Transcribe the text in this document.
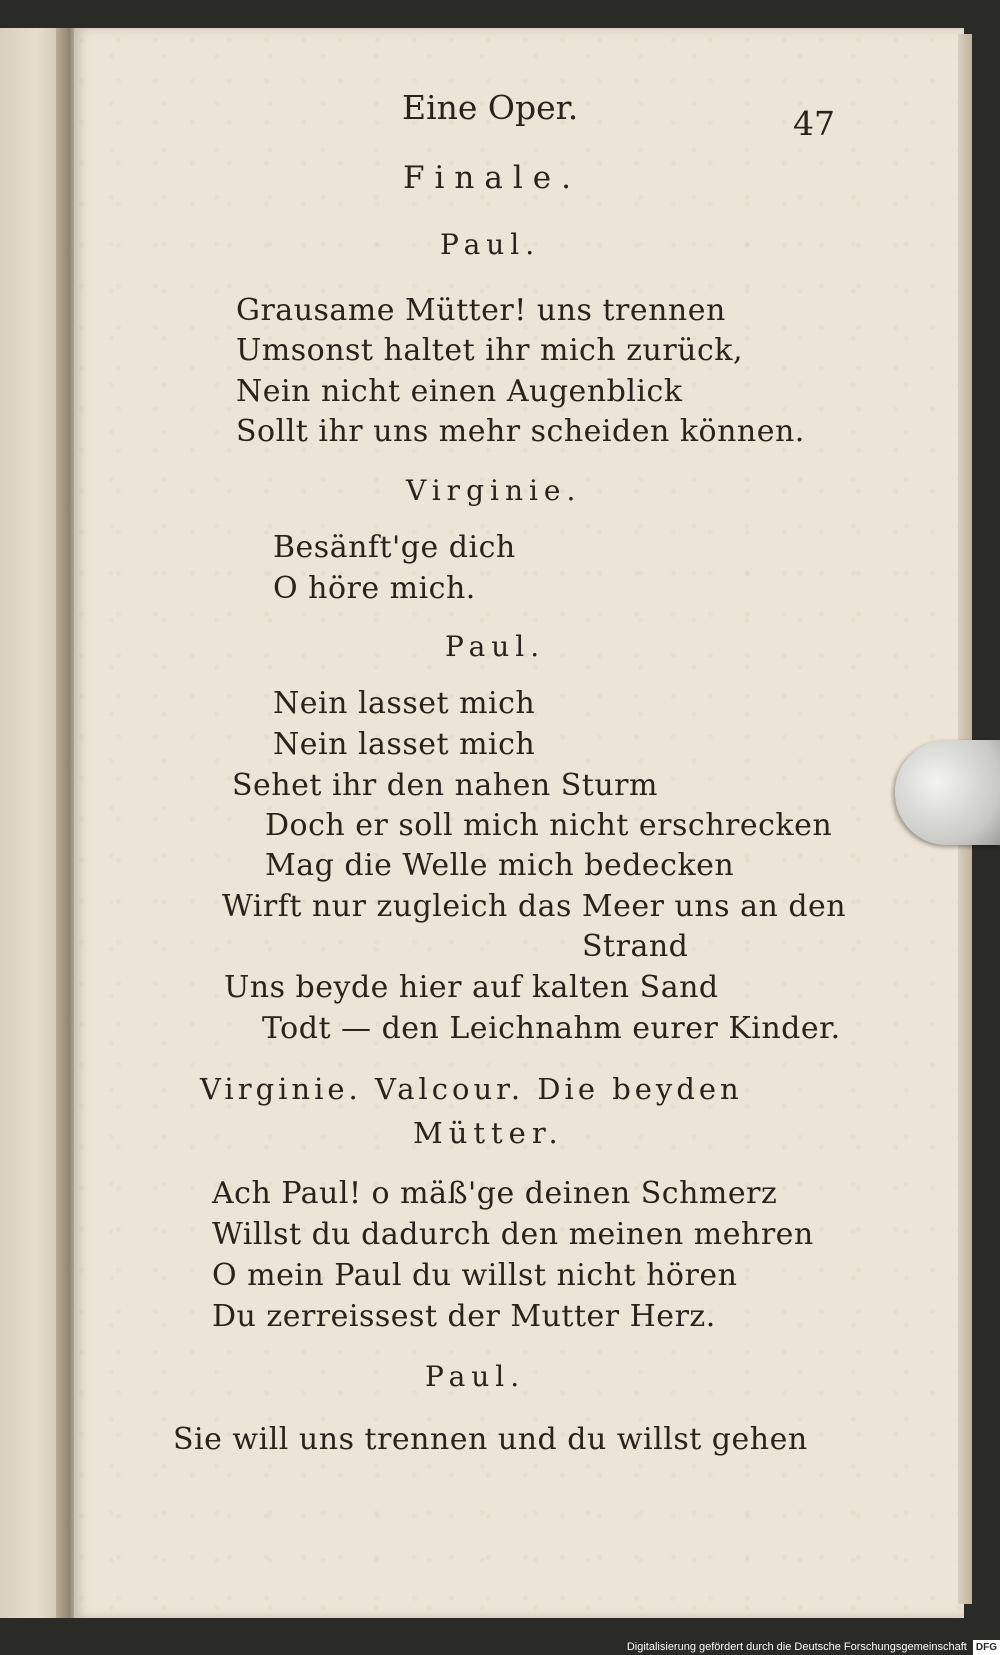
Eine Oper.	47
Finale.
Paul.
Grausame Mütter! uns trennen
Umsonst haltet ihr mich zurück,
Nein nicht einen Augenblick
Sollt ihr uns mehr scheiden können.
Virginie.
Besänft'ge dich
O höre mich.
Paul.
Nein lasset mich
Nein lasset mich
Sehet ihr den nahen Sturm
Doch er soll mich nicht erschrecken
Mag die Welle mich bedecken
Wirft nur zugleich das Meer uns an den
Strand
Uns beyde hier auf kalten Sand
Todt — den Leichnahm eurer Kinder.
Virginie. Valcour. Die beyden
Mütter.
Ach Paul! o mäß'ge deinen Schmerz
Willst du dadurch den meinen mehren
O mein Paul du willst nicht hören
Du zerreissest der Mutter Herz.
Paul.
Sie will uns trennen und du willst gehen
Digitalisierung gefördert durch die Deutsche Forschungsgemeinschaft DFG
